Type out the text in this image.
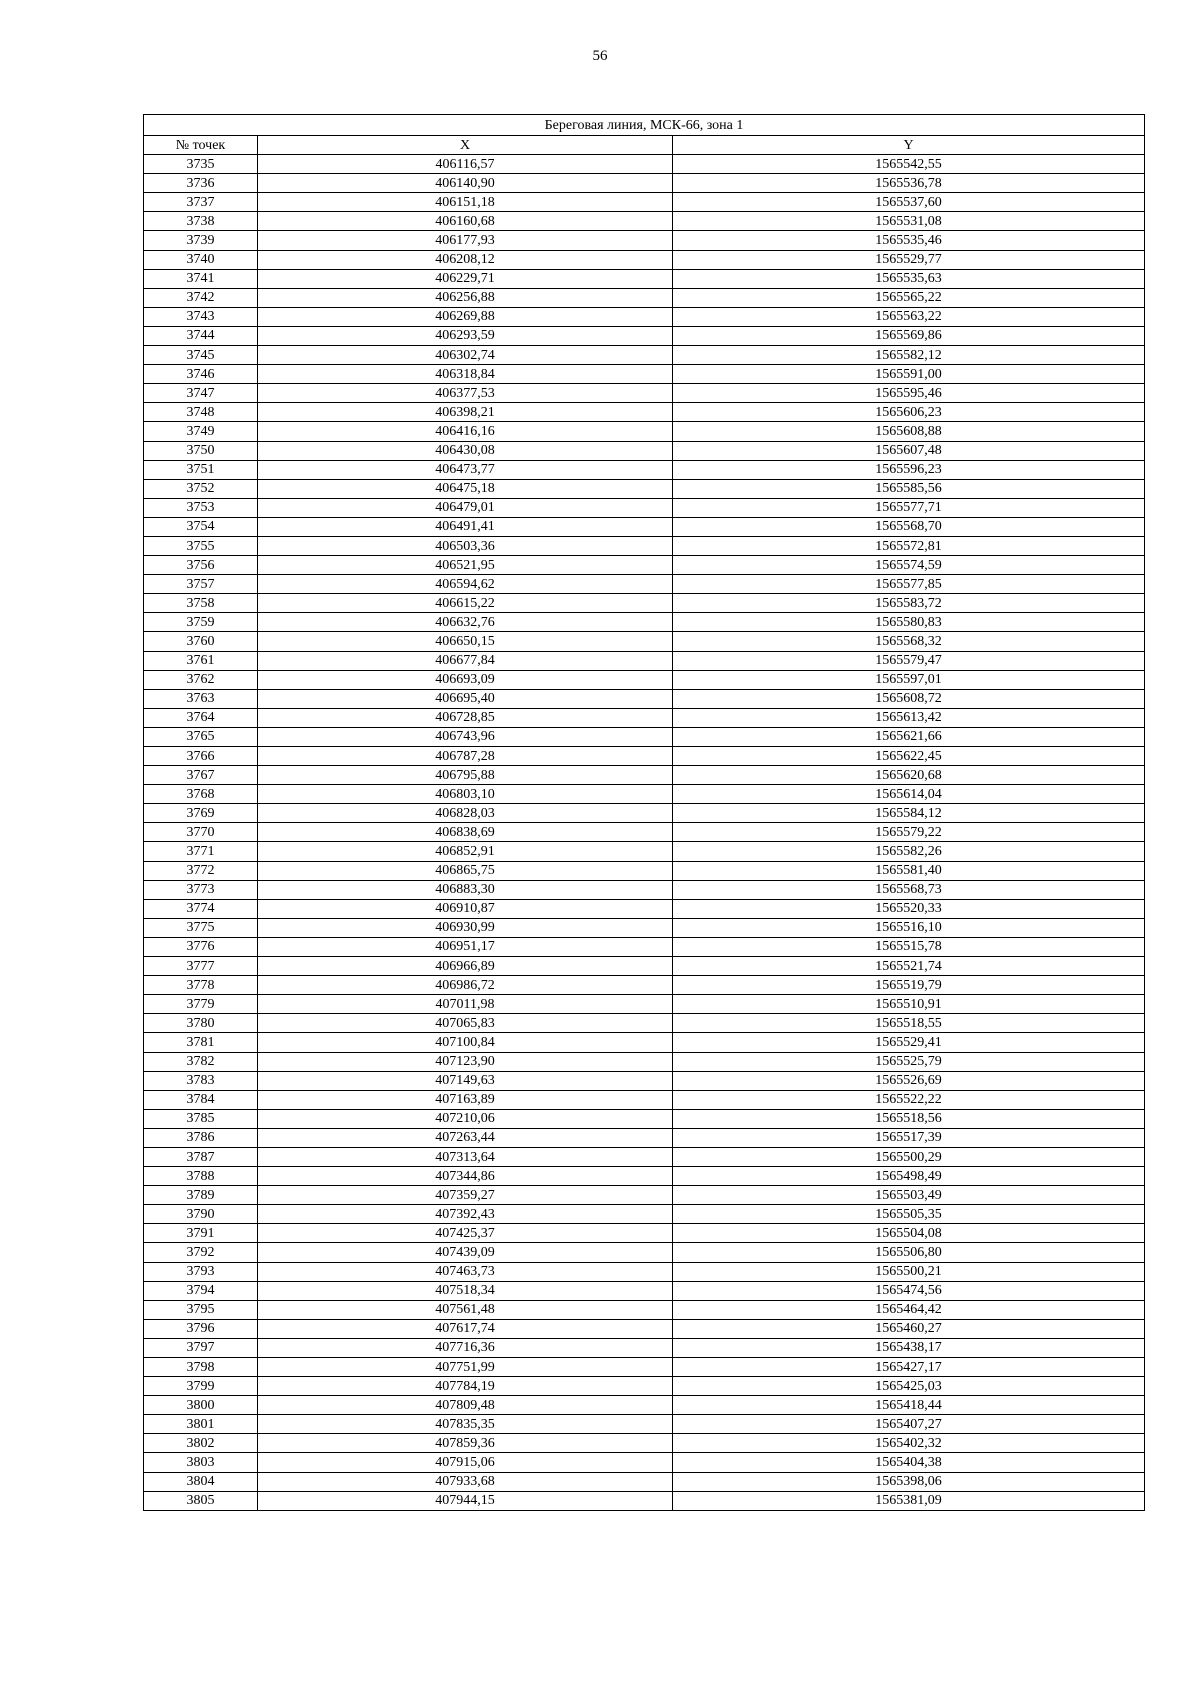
56
Береговая линия, МСК-66, зона 1		
№ точек	X	Y
3735	406116,57	1565542,55
3736	406140,90	1565536,78
3737	406151,18	1565537,60
3738	406160,68	1565531,08
3739	406177,93	1565535,46
3740	406208,12	1565529,77
3741	406229,71	1565535,63
3742	406256,88	1565565,22
3743	406269,88	1565563,22
3744	406293,59	1565569,86
3745	406302,74	1565582,12
3746	406318,84	1565591,00
3747	406377,53	1565595,46
3748	406398,21	1565606,23
3749	406416,16	1565608,88
3750	406430,08	1565607,48
3751	406473,77	1565596,23
3752	406475,18	1565585,56
3753	406479,01	1565577,71
3754	406491,41	1565568,70
3755	406503,36	1565572,81
3756	406521,95	1565574,59
3757	406594,62	1565577,85
3758	406615,22	1565583,72
3759	406632,76	1565580,83
3760	406650,15	1565568,32
3761	406677,84	1565579,47
3762	406693,09	1565597,01
3763	406695,40	1565608,72
3764	406728,85	1565613,42
3765	406743,96	1565621,66
3766	406787,28	1565622,45
3767	406795,88	1565620,68
3768	406803,10	1565614,04
3769	406828,03	1565584,12
3770	406838,69	1565579,22
3771	406852,91	1565582,26
3772	406865,75	1565581,40
3773	406883,30	1565568,73
3774	406910,87	1565520,33
3775	406930,99	1565516,10
3776	406951,17	1565515,78
3777	406966,89	1565521,74
3778	406986,72	1565519,79
3779	407011,98	1565510,91
3780	407065,83	1565518,55
3781	407100,84	1565529,41
3782	407123,90	1565525,79
3783	407149,63	1565526,69
3784	407163,89	1565522,22
3785	407210,06	1565518,56
3786	407263,44	1565517,39
3787	407313,64	1565500,29
3788	407344,86	1565498,49
3789	407359,27	1565503,49
3790	407392,43	1565505,35
3791	407425,37	1565504,08
3792	407439,09	1565506,80
3793	407463,73	1565500,21
3794	407518,34	1565474,56
3795	407561,48	1565464,42
3796	407617,74	1565460,27
3797	407716,36	1565438,17
3798	407751,99	1565427,17
3799	407784,19	1565425,03
3800	407809,48	1565418,44
3801	407835,35	1565407,27
3802	407859,36	1565402,32
3803	407915,06	1565404,38
3804	407933,68	1565398,06
3805	407944,15	1565381,09
